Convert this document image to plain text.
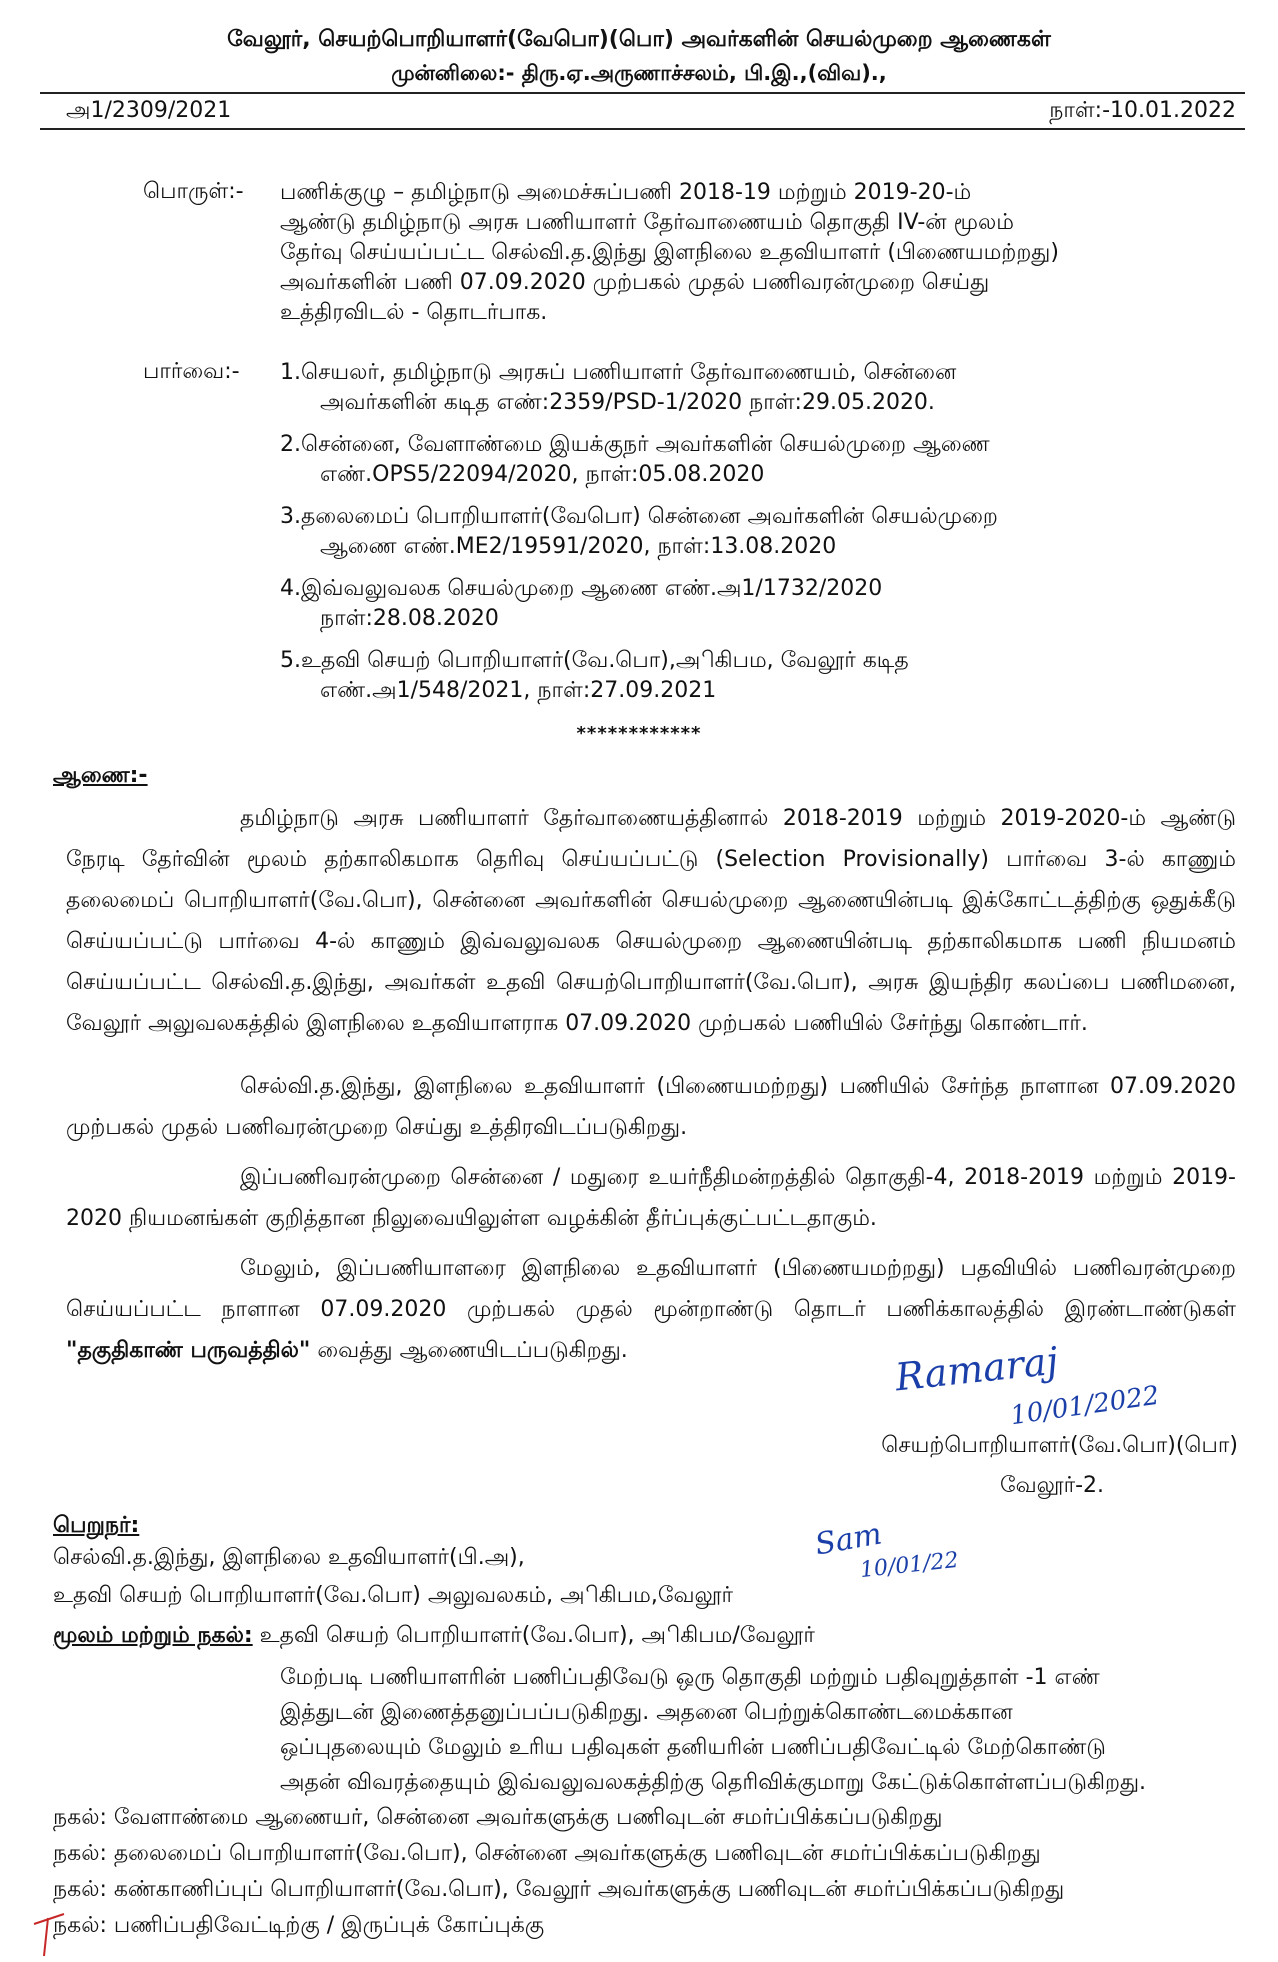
வேலூர், செயற்பொறியாளர்(வேபொ)(பொ) அவர்களின் செயல்முறை ஆணைகள்
முன்னிலை:- திரு.ஏ.அருணாச்சலம், பி.இ.,(விவ).,
அ1/2309/2021	நாள்:-10.01.2022
பொருள்:- பணிக்குழு – தமிழ்நாடு அமைச்சுப்பணி 2018-19 மற்றும் 2019-20-ம்
ஆண்டு தமிழ்நாடு அரசு பணியாளர் தேர்வாணையம் தொகுதி IV-ன் மூலம்
தேர்வு செய்யப்பட்ட செல்வி.த.இந்து இளநிலை உதவியாளர் (பிணையமற்றது)
அவர்களின் பணி 07.09.2020 முற்பகல் முதல் பணிவரன்முறை செய்து
உத்திரவிடல் - தொடர்பாக.
பார்வை:- 1.செயலர், தமிழ்நாடு அரசுப் பணியாளர் தேர்வாணையம், சென்னை
அவர்களின் கடித எண்:2359/PSD-1/2020 நாள்:29.05.2020.
2.சென்னை, வேளாண்மை இயக்குநர் அவர்களின் செயல்முறை ஆணை
எண்.OPS5/22094/2020, நாள்:05.08.2020
3.தலைமைப் பொறியாளர்(வேபொ) சென்னை அவர்களின் செயல்முறை
ஆணை எண்.ME2/19591/2020, நாள்:13.08.2020
4.இவ்வலுவலக செயல்முறை ஆணை எண்.அ1/1732/2020
நாள்:28.08.2020
5.உதவி செயற் பொறியாளர்(வே.பொ),அிகிபம, வேலூர் கடித
எண்.அ1/548/2021, நாள்:27.09.2021
************
ஆணை:-
தமிழ்நாடு அரசு பணியாளர் தேர்வாணையத்தினால் 2018-2019 மற்றும் 2019-2020-ம் ஆண்டு நேரடி தேர்வின் மூலம் தற்காலிகமாக தெரிவு செய்யப்பட்டு (Selection Provisionally) பார்வை 3-ல் காணும் தலைமைப் பொறியாளர்(வே.பொ), சென்னை அவர்களின் செயல்முறை ஆணையின்படி இக்கோட்டத்திற்கு ஒதுக்கீடு செய்யப்பட்டு பார்வை 4-ல் காணும் இவ்வலுவலக செயல்முறை ஆணையின்படி தற்காலிகமாக பணி நியமனம் செய்யப்பட்ட செல்வி.த.இந்து, அவர்கள் உதவி செயற்பொறியாளர்(வே.பொ), அரசு இயந்திர கலப்பை பணிமனை, வேலூர் அலுவலகத்தில் இளநிலை உதவியாளராக 07.09.2020 முற்பகல் பணியில் சேர்ந்து கொண்டார்.
செல்வி.த.இந்து, இளநிலை உதவியாளர் (பிணையமற்றது) பணியில் சேர்ந்த நாளான 07.09.2020 முற்பகல் முதல் பணிவரன்முறை செய்து உத்திரவிடப்படுகிறது.
இப்பணிவரன்முறை சென்னை / மதுரை உயர்நீதிமன்றத்தில் தொகுதி-4, 2018-2019 மற்றும் 2019-2020 நியமனங்கள் குறித்தான நிலுவையிலுள்ள வழக்கின் தீர்ப்புக்குட்பட்டதாகும்.
மேலும், இப்பணியாளரை இளநிலை உதவியாளர் (பிணையமற்றது) பதவியில் பணிவரன்முறை செய்யப்பட்ட நாளான 07.09.2020 முற்பகல் முதல் மூன்றாண்டு தொடர் பணிக்காலத்தில் இரண்டாண்டுகள் "தகுதிகாண் பருவத்தில்" வைத்து ஆணையிடப்படுகிறது.	Ramaraj
10/01/2022
செயற்பொறியாளர்(வே.பொ)(பொ)
வேலூர்-2.
பெறுநர்:
செல்வி.த.இந்து, இளநிலை உதவியாளர்(பி.அ),
உதவி செயற் பொறியாளர்(வே.பொ) அலுவலகம், அிகிபம,வேலூர்
Sam
10/01/22
மூலம் மற்றும் நகல்: உதவி செயற் பொறியாளர்(வே.பொ), அிகிபம/வேலூர்
மேற்படி பணியாளரின் பணிப்பதிவேடு ஒரு தொகுதி மற்றும் பதிவுறுத்தாள் -1 எண்
இத்துடன் இணைத்தனுப்பப்படுகிறது. அதனை பெற்றுக்கொண்டமைக்கான
ஒப்புதலையும் மேலும் உரிய பதிவுகள் தனியரின் பணிப்பதிவேட்டில் மேற்கொண்டு
அதன் விவரத்தையும் இவ்வலுவலகத்திற்கு தெரிவிக்குமாறு கேட்டுக்கொள்ளப்படுகிறது.
நகல்: வேளாண்மை ஆணையர், சென்னை அவர்களுக்கு பணிவுடன் சமர்ப்பிக்கப்படுகிறது
நகல்: தலைமைப் பொறியாளர்(வே.பொ), சென்னை அவர்களுக்கு பணிவுடன் சமர்ப்பிக்கப்படுகிறது
நகல்: கண்காணிப்புப் பொறியாளர்(வே.பொ), வேலூர் அவர்களுக்கு பணிவுடன் சமர்ப்பிக்கப்படுகிறது
நகல்: பணிப்பதிவேட்டிற்கு / இருப்புக் கோப்புக்கு
